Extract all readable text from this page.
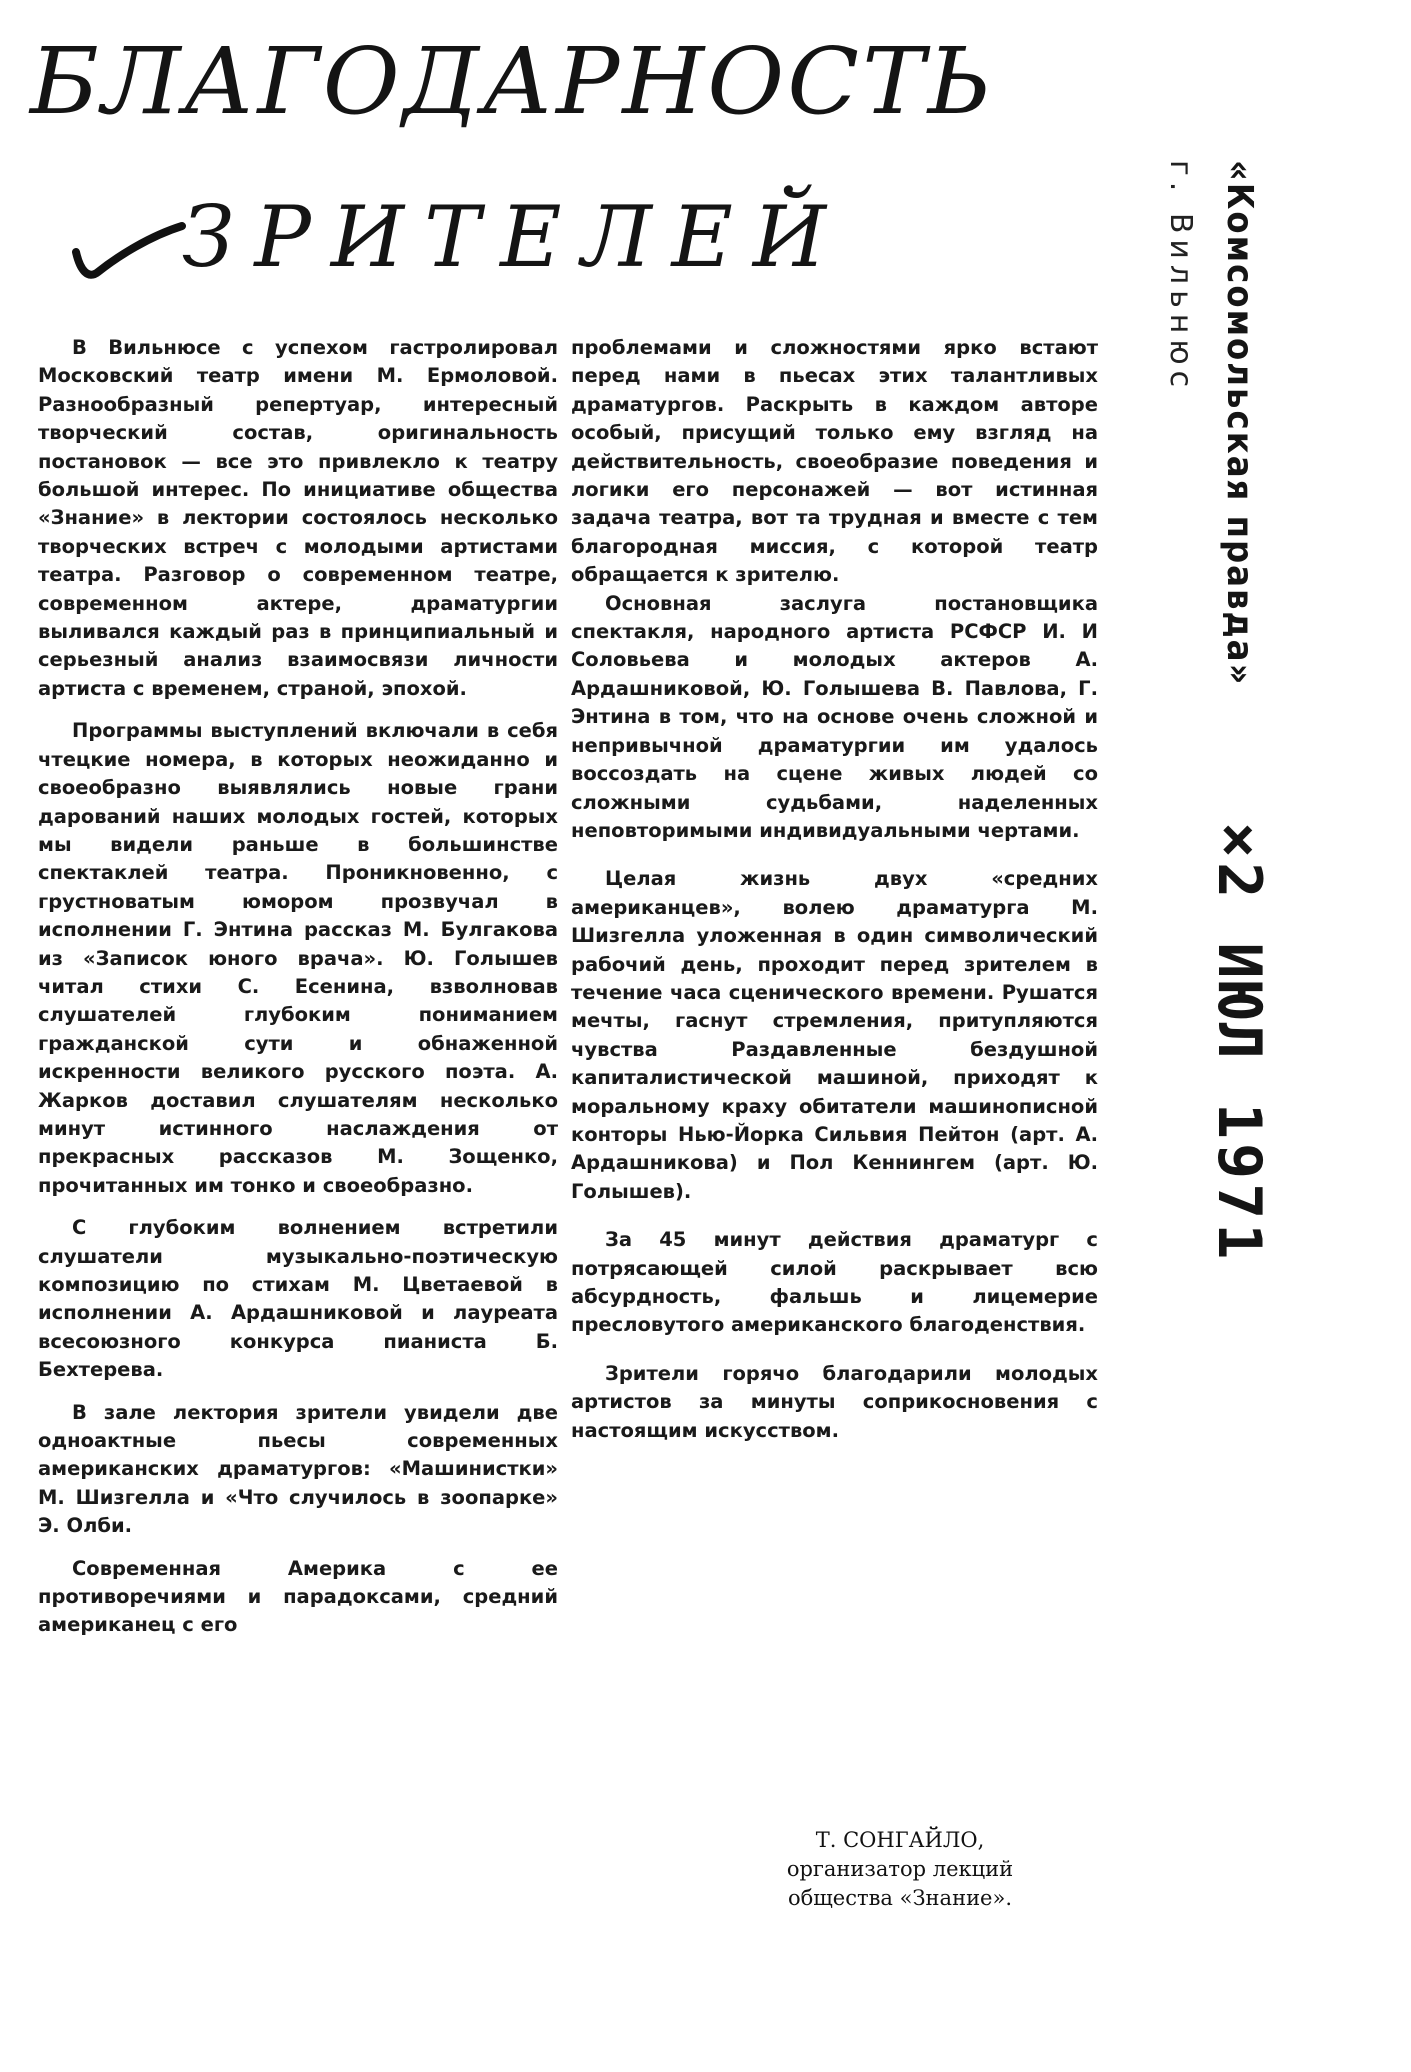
БЛАГОДАРНОСТЬ
ЗРИТЕЛЕЙ

В Вильнюсе с успехом гастролировал Московский театр имени М. Ермоловой. Разнообразный репертуар, интересный творческий состав, оригинальность постановок — все это привлекло к театру большой интерес. По инициативе общества «Знание» в лектории состоялось несколько творческих встреч с молодыми артистами театра. Разговор о современном театре, современном актере, драматургии выливался каждый раз в принципиальный и серьезный анализ взаимосвязи личности артиста с временем, страной, эпохой.

Программы выступлений включали в себя чтецкие номера, в которых неожиданно и своеобразно выявлялись новые грани дарований наших молодых гостей, которых мы видели раньше в большинстве спектаклей театра. Проникновенно, с грустноватым юмором прозвучал в исполнении Г. Энтина рассказ М. Булгакова из «Записок юного врача». Ю. Голышев читал стихи С. Есенина, взволновав слушателей глубоким пониманием гражданской сути и обнаженной искренности великого русского поэта. А. Жарков доставил слушателям несколько минут истинного наслаждения от прекрасных рассказов М. Зощенко, прочитанных им тонко и своеобразно.

С глубоким волнением встретили слушатели музыкально-поэтическую композицию по стихам М. Цветаевой в исполнении А. Ардашниковой и лауреата всесоюзного конкурса пианиста Б. Бехтерева.

В зале лектория зрители увидели две одноактные пьесы современных американских драматургов: «Машинистки» М. Шизгелла и «Что случилось в зоопарке» Э. Олби.

Современная Америка с ее противоречиями и парадоксами, средний американец с его

проблемами и сложностями ярко встают перед нами в пьесах этих талантливых драматургов. Раскрыть в каждом авторе особый, присущий только ему взгляд на действительность, своеобразие поведения и логики его персонажей — вот истинная задача театра, вот та трудная и вместе с тем благородная миссия, с которой театр обращается к зрителю.

Основная заслуга постановщика спектакля, народного артиста РСФСР И. И Соловьева и молодых актеров А. Ардашниковой, Ю. Голышева В. Павлова, Г. Энтина в том, что на основе очень сложной и непривычной драматургии им удалось воссоздать на сцене живых людей со сложными судьбами, наделенных неповторимыми индивидуальными чертами.

Целая жизнь двух «средних американцев», волею драматурга М. Шизгелла уложенная в один символический рабочий день, проходит перед зрителем в течение часа сценического времени. Рушатся мечты, гаснут стремления, притупляются чувства Раздавленные бездушной капиталистической машиной, приходят к моральному краху обитатели машинописной конторы Нью-Йорка Сильвия Пейтон (арт. А. Ардашникова) и Пол Кеннингем (арт. Ю. Голышев).

За 45 минут действия драматург с потрясающей силой раскрывает всю абсурдность, фальшь и лицемерие пресловутого американского благоденствия.

Зрители горячо благодарили молодых артистов за минуты соприкосновения с настоящим искусством.

Т. СОНГАЙЛО,
организатор лекций
общества «Знание».
«Комсомольская правда»
г. Вильнюс
×2 ИЮЛ 1971
